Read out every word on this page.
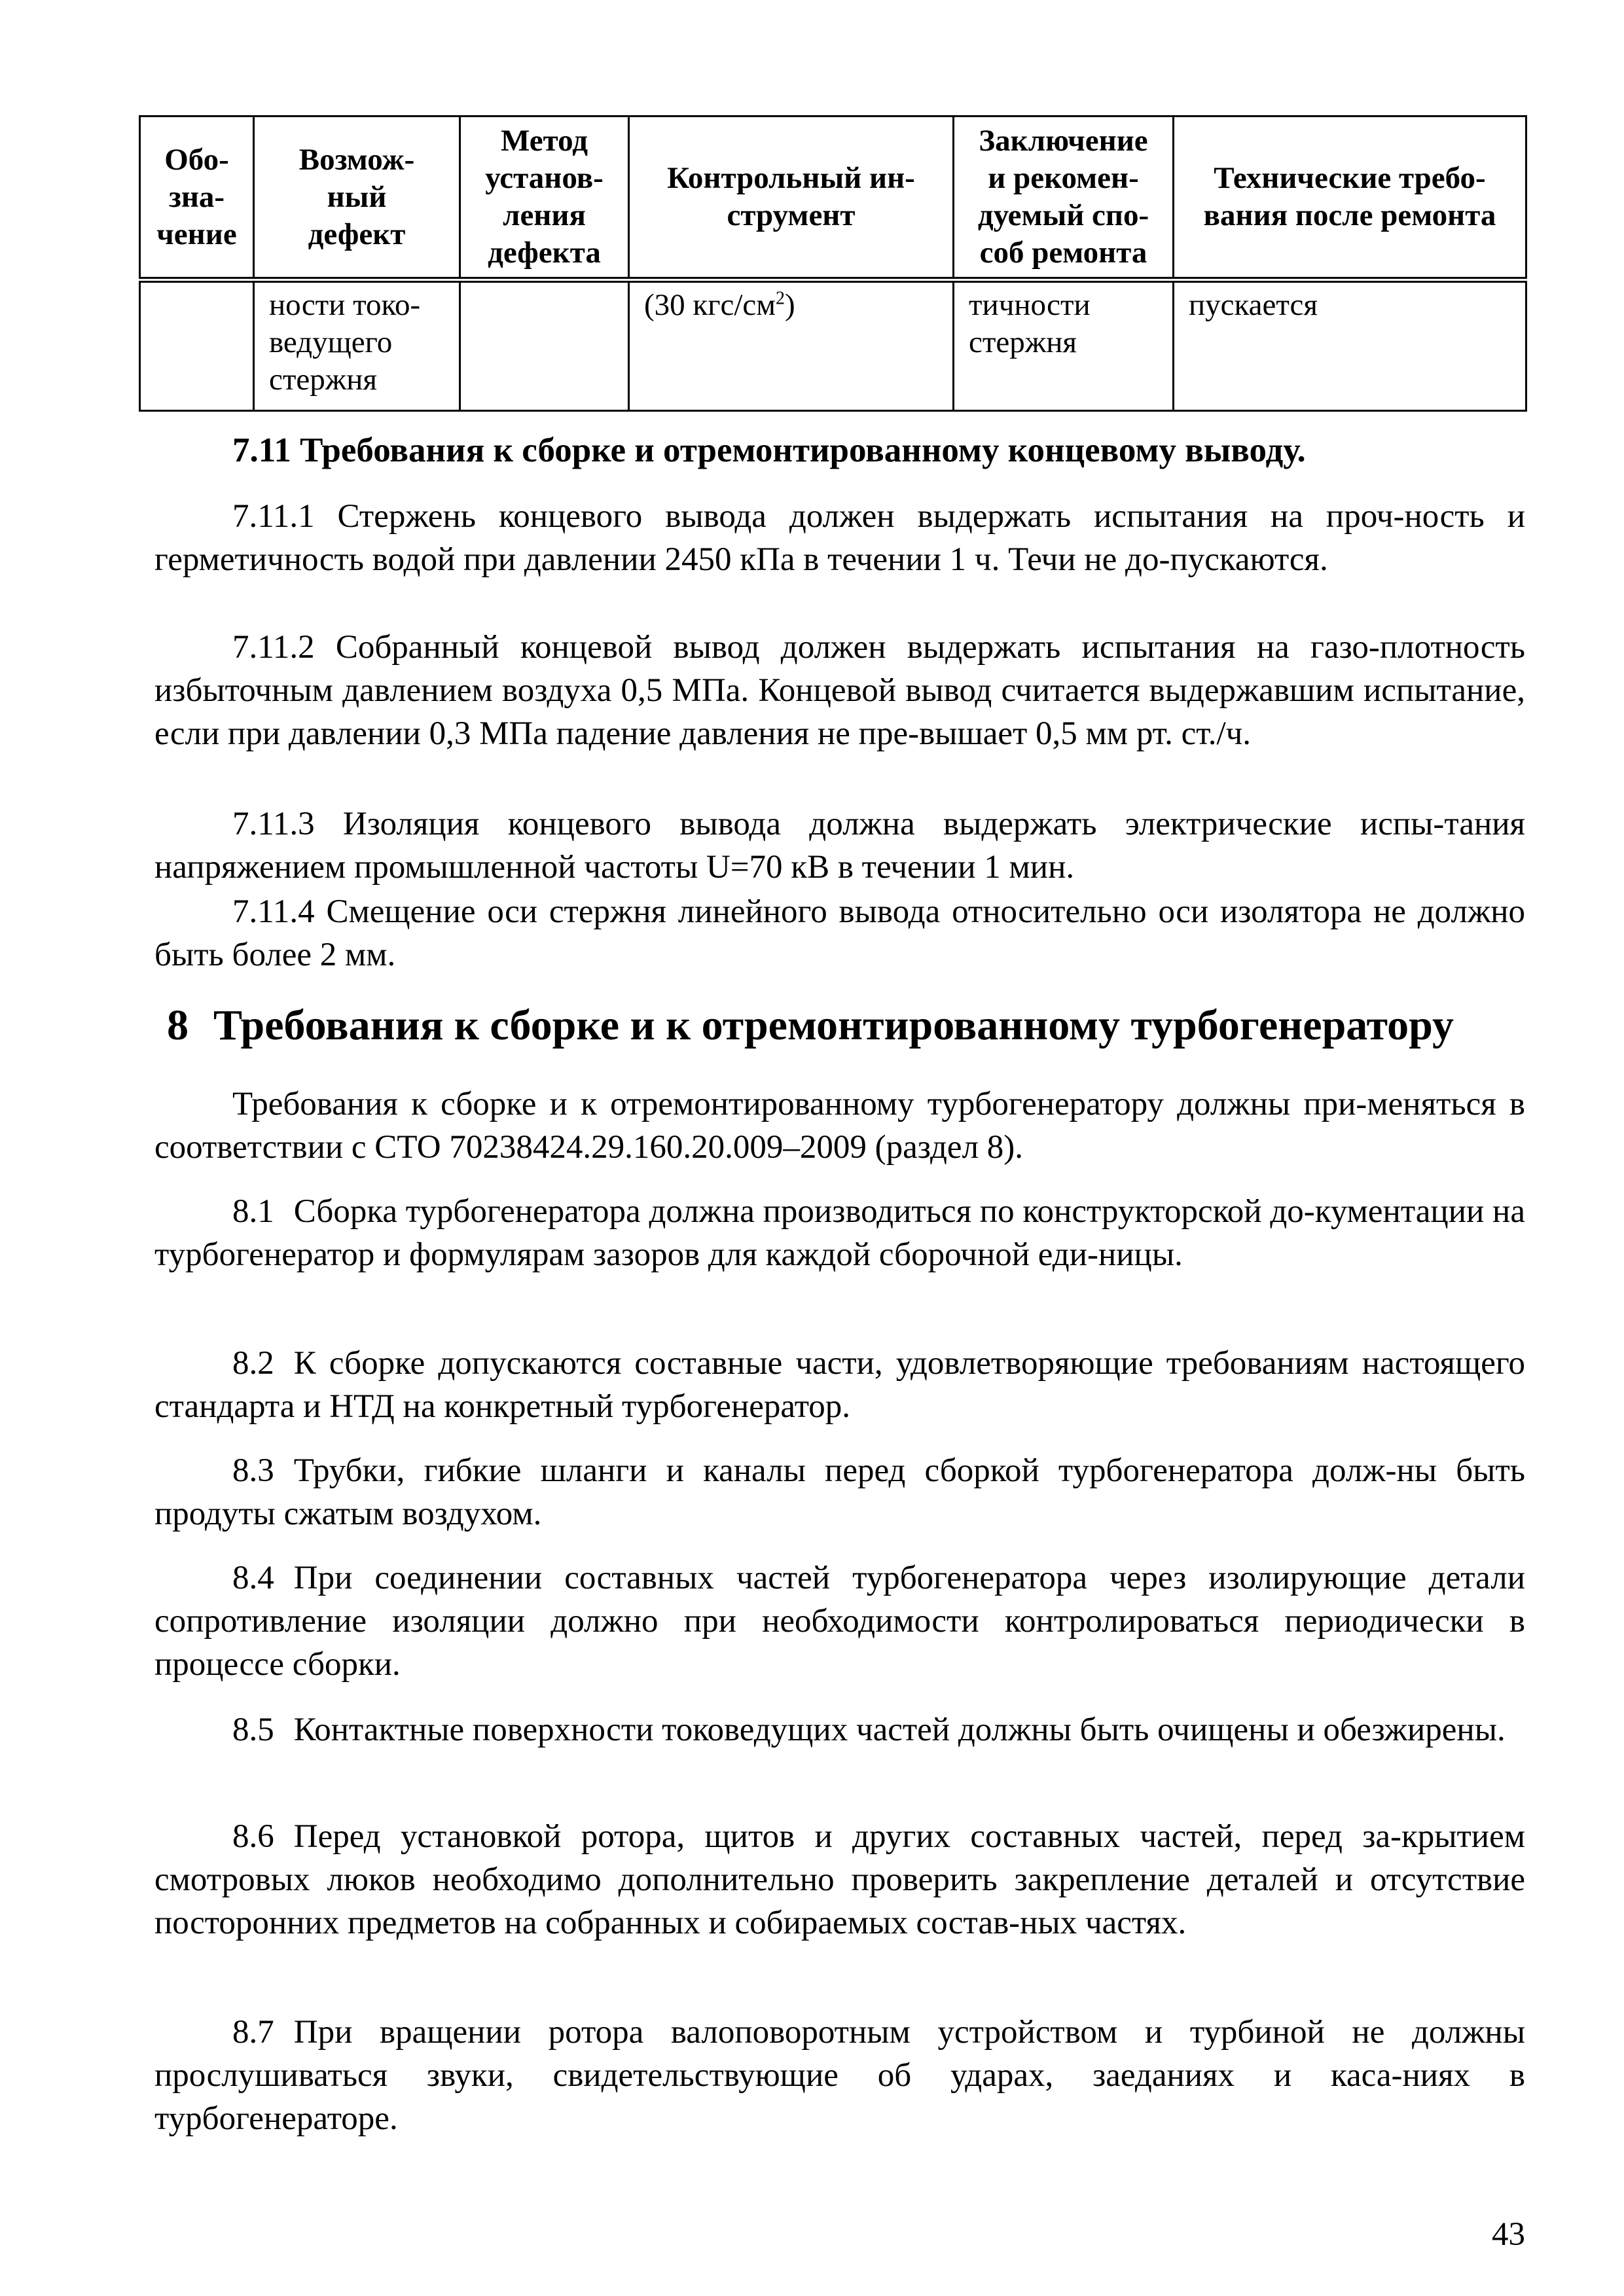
Обо-
зна-
чение	Возмож-
ный
дефект	Метод
установ-
ления
дефекта	Контрольный ин-
струмент	Заключение
и рекомен-
дуемый спо-
соб ремонта	Технические требо-
вания после ремонта
	ности токо-
ведущего
стержня		(30 кгс/$см^2$)	тичности
стержня	пускается
7.11 Требования к сборке и отремонтированному концевому выводу.

7.11.1 Стержень концевого вывода должен выдержать испытания на проч-ность и герметичность водой при давлении 2450 кПа в течении 1 ч. Течи не до-пускаются.

7.11.2 Собранный концевой вывод должен выдержать испытания на газо-плотность избыточным давлением воздуха 0,5 МПа. Концевой вывод считается выдержавшим испытание, если при давлении 0,3 МПа падение давления не пре-вышает 0,5 мм рт. ст./ч.

7.11.3 Изоляция концевого вывода должна выдержать электрические испы-тания напряжением промышленной частоты U=70 кВ в течении 1 мин.

7.11.4 Смещение оси стержня линейного вывода относительно оси изолятора не должно быть более 2 мм.

8 Требования к сборке и к отремонтированному турбогенератору

Требования к сборке и к отремонтированному турбогенератору должны при-меняться в соответствии с СТО 70238424.29.160.20.009–2009 (раздел 8).

8.1 Сборка турбогенератора должна производиться по конструкторской до-кументации на турбогенератор и формулярам зазоров для каждой сборочной еди-ницы.

8.2 К сборке допускаются составные части, удовлетворяющие требованиям настоящего стандарта и НТД на конкретный турбогенератор.

8.3 Трубки, гибкие шланги и каналы перед сборкой турбогенератора долж-ны быть продуты сжатым воздухом.

8.4 При соединении составных частей турбогенератора через изолирующие детали сопротивление изоляции должно при необходимости контролироваться периодически в процессе сборки.

8.5 Контактные поверхности токоведущих частей должны быть очищены и обезжирены.

8.6 Перед установкой ротора, щитов и других составных частей, перед за-крытием смотровых люков необходимо дополнительно проверить закрепление деталей и отсутствие посторонних предметов на собранных и собираемых состав-ных частях.

8.7 При вращении ротора валоповоротным устройством и турбиной не должны прослушиваться звуки, свидетельствующие об ударах, заеданиях и каса-ниях в турбогенераторе.

43
